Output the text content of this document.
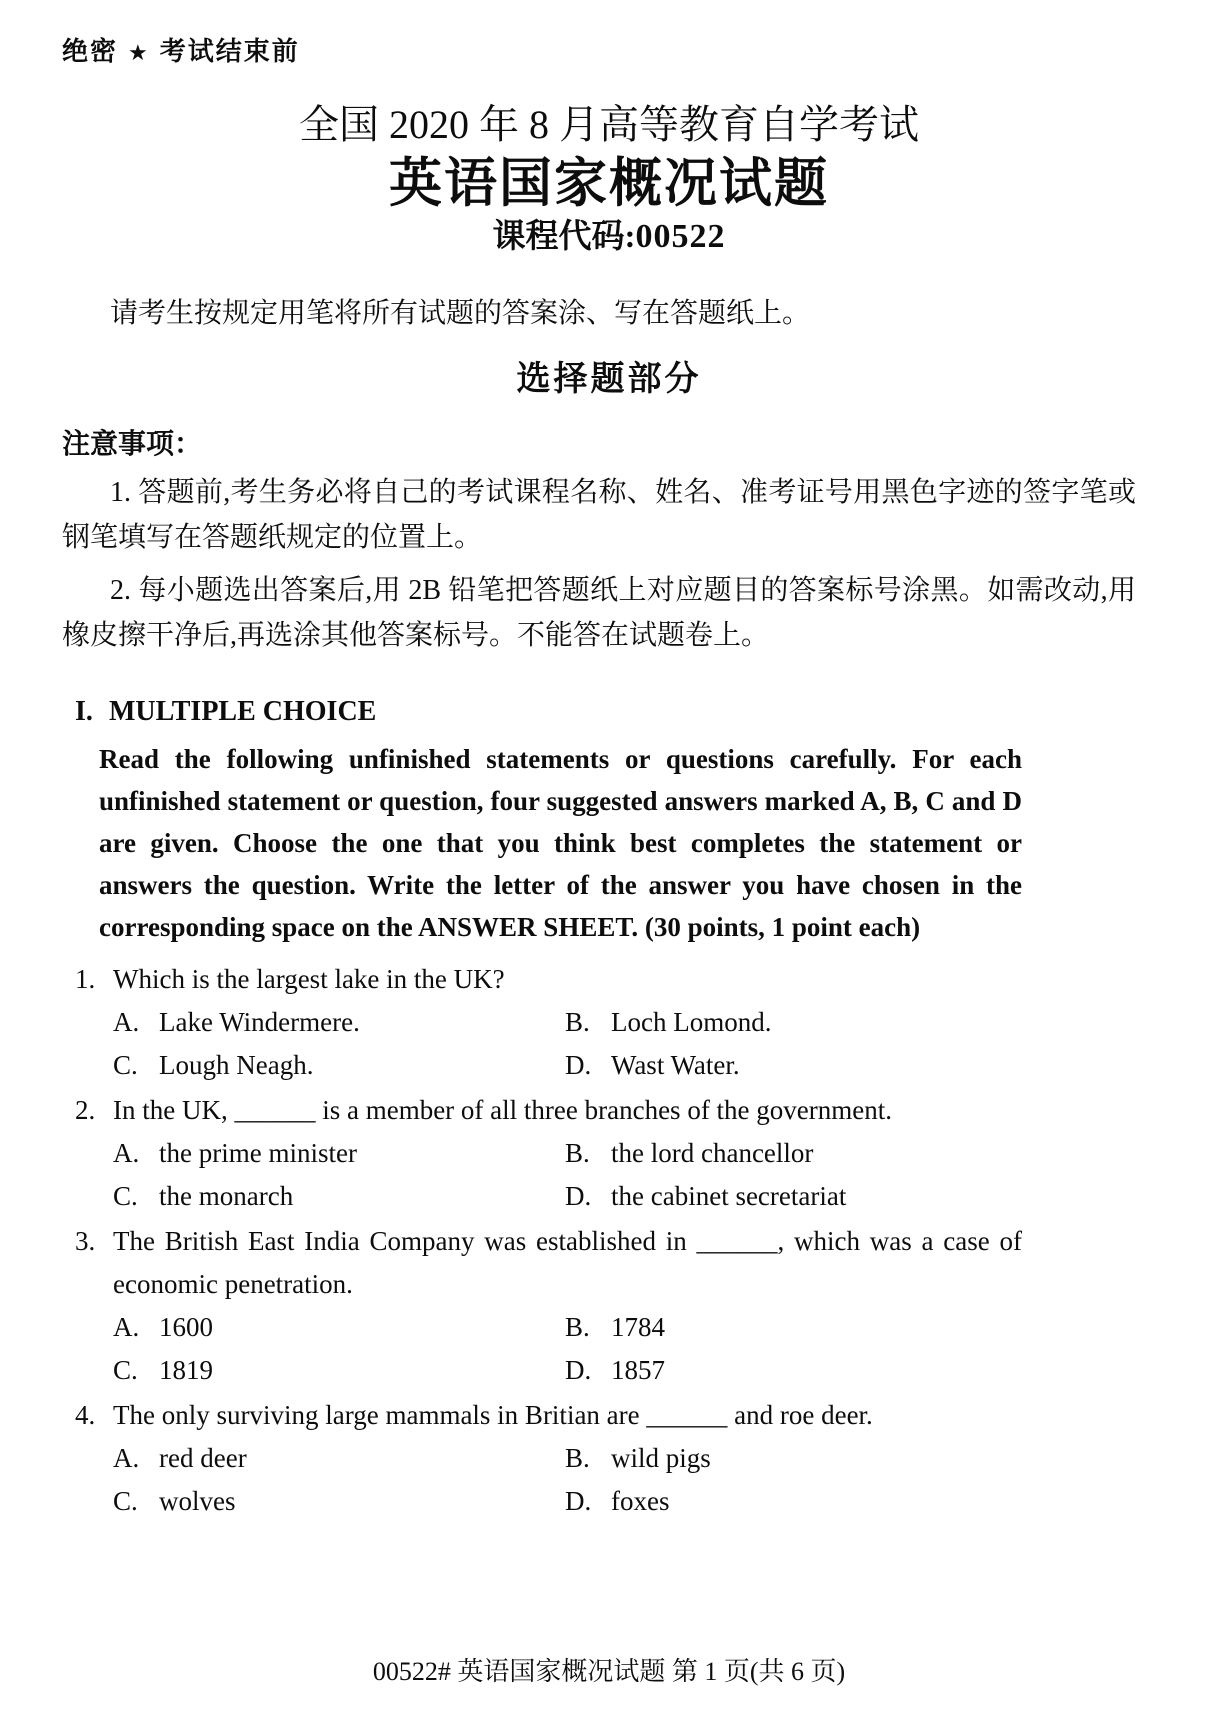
绝密 ★ 考试结束前
全国 2020 年 8 月高等教育自学考试
英语国家概况试题
课程代码:00522

请考生按规定用笔将所有试题的答案涂、写在答题纸上。

选择题部分
注意事项：

1. 答题前,考生务必将自己的考试课程名称、姓名、准考证号用黑色字迹的签字笔或钢笔填写在答题纸规定的位置上。

2. 每小题选出答案后,用 2B 铅笔把答题纸上对应题目的答案标号涂黑。如需改动,用橡皮擦干净后,再选涂其他答案标号。不能答在试题卷上。

I. MULTIPLE CHOICE

Read the following unfinished statements or questions carefully. For each unfinished statement or question, four suggested answers marked A, B, C and D are given. Choose the one that you think best completes the statement or answers the question. Write the letter of the answer you have chosen in the corresponding space on the ANSWER SHEET. (30 points, 1 point each)

1. Which is the largest lake in the UK?
A. Lake Windermere.	B. Loch Lomond.
C. Lough Neagh.	D. Wast Water.
2. In the UK, ______ is a member of all three branches of the government.
A. the prime minister	B. the lord chancellor
C. the monarch	D. the cabinet secretariat
3. The British East India Company was established in ______, which was a case of economic penetration.
A. 1600	B. 1784
C. 1819	D. 1857
4. The only surviving large mammals in Britian are ______ and roe deer.
A. red deer	B. wild pigs
C. wolves	D. foxes
00522# 英语国家概况试题 第 1 页(共 6 页)
